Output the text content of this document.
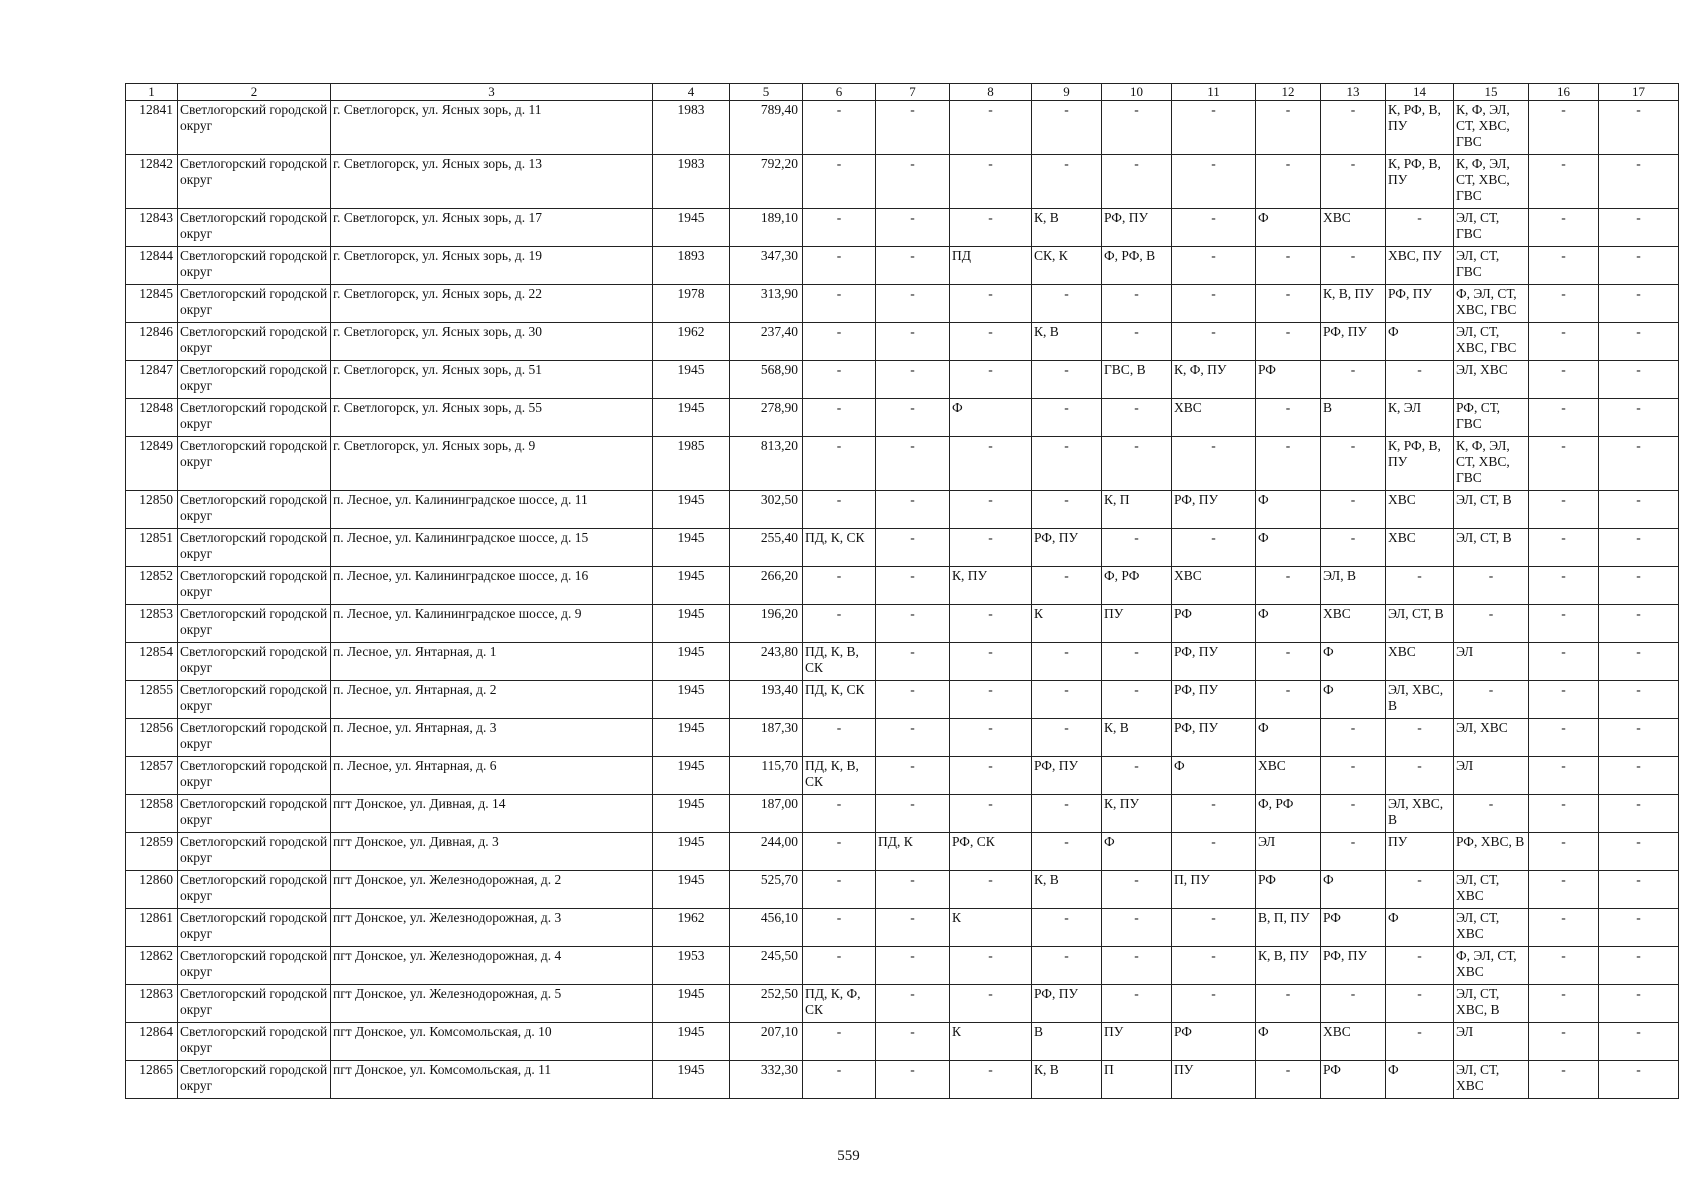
1	2	3	4	5	6	7	8	9	10	11	12	13	14	15	16	17
12841	Светлогорский городской округ	г. Светлогорск, ул. Ясных зорь, д. 11	1983	789,40	-	-	-	-	-	-	-	-	К, РФ, В, ПУ	К, Ф, ЭЛ, СТ, ХВС, ГВС	-	-
12842	Светлогорский городской округ	г. Светлогорск, ул. Ясных зорь, д. 13	1983	792,20	-	-	-	-	-	-	-	-	К, РФ, В, ПУ	К, Ф, ЭЛ, СТ, ХВС, ГВС	-	-
12843	Светлогорский городской округ	г. Светлогорск, ул. Ясных зорь, д. 17	1945	189,10	-	-	-	К, В	РФ, ПУ	-	Ф	ХВС	-	ЭЛ, СТ, ГВС	-	-
12844	Светлогорский городской округ	г. Светлогорск, ул. Ясных зорь, д. 19	1893	347,30	-	-	ПД	СК, К	Ф, РФ, В	-	-	-	ХВС, ПУ	ЭЛ, СТ, ГВС	-	-
12845	Светлогорский городской округ	г. Светлогорск, ул. Ясных зорь, д. 22	1978	313,90	-	-	-	-	-	-	-	К, В, ПУ	РФ, ПУ	Ф, ЭЛ, СТ, ХВС, ГВС	-	-
12846	Светлогорский городской округ	г. Светлогорск, ул. Ясных зорь, д. 30	1962	237,40	-	-	-	К, В	-	-	-	РФ, ПУ	Ф	ЭЛ, СТ, ХВС, ГВС	-	-
12847	Светлогорский городской округ	г. Светлогорск, ул. Ясных зорь, д. 51	1945	568,90	-	-	-	-	ГВС, В	К, Ф, ПУ	РФ	-	-	ЭЛ, ХВС	-	-
12848	Светлогорский городской округ	г. Светлогорск, ул. Ясных зорь, д. 55	1945	278,90	-	-	Ф	-	-	ХВС	-	В	К, ЭЛ	РФ, СТ, ГВС	-	-
12849	Светлогорский городской округ	г. Светлогорск, ул. Ясных зорь, д. 9	1985	813,20	-	-	-	-	-	-	-	-	К, РФ, В, ПУ	К, Ф, ЭЛ, СТ, ХВС, ГВС	-	-
12850	Светлогорский городской округ	п. Лесное, ул. Калининградское шоссе, д. 11	1945	302,50	-	-	-	-	К, П	РФ, ПУ	Ф	-	ХВС	ЭЛ, СТ, В	-	-
12851	Светлогорский городской округ	п. Лесное, ул. Калининградское шоссе, д. 15	1945	255,40	ПД, К, СК	-	-	РФ, ПУ	-	-	Ф	-	ХВС	ЭЛ, СТ, В	-	-
12852	Светлогорский городской округ	п. Лесное, ул. Калининградское шоссе, д. 16	1945	266,20	-	-	К, ПУ	-	Ф, РФ	ХВС	-	ЭЛ, В	-	-	-	-
12853	Светлогорский городской округ	п. Лесное, ул. Калининградское шоссе, д. 9	1945	196,20	-	-	-	К	ПУ	РФ	Ф	ХВС	ЭЛ, СТ, В	-	-	-
12854	Светлогорский городской округ	п. Лесное, ул. Янтарная, д. 1	1945	243,80	ПД, К, В, СК	-	-	-	-	РФ, ПУ	-	Ф	ХВС	ЭЛ	-	-
12855	Светлогорский городской округ	п. Лесное, ул. Янтарная, д. 2	1945	193,40	ПД, К, СК	-	-	-	-	РФ, ПУ	-	Ф	ЭЛ, ХВС, В	-	-	-
12856	Светлогорский городской округ	п. Лесное, ул. Янтарная, д. 3	1945	187,30	-	-	-	-	К, В	РФ, ПУ	Ф	-	-	ЭЛ, ХВС	-	-
12857	Светлогорский городской округ	п. Лесное, ул. Янтарная, д. 6	1945	115,70	ПД, К, В, СК	-	-	РФ, ПУ	-	Ф	ХВС	-	-	ЭЛ	-	-
12858	Светлогорский городской округ	пгт Донское, ул. Дивная, д. 14	1945	187,00	-	-	-	-	К, ПУ	-	Ф, РФ	-	ЭЛ, ХВС, В	-	-	-
12859	Светлогорский городской округ	пгт Донское, ул. Дивная, д. 3	1945	244,00	-	ПД, К	РФ, СК	-	Ф	-	ЭЛ	-	ПУ	РФ, ХВС, В	-	-
12860	Светлогорский городской округ	пгт Донское, ул. Железнодорожная, д. 2	1945	525,70	-	-	-	К, В	-	П, ПУ	РФ	Ф	-	ЭЛ, СТ, ХВС	-	-
12861	Светлогорский городской округ	пгт Донское, ул. Железнодорожная, д. 3	1962	456,10	-	-	К	-	-	-	В, П, ПУ	РФ	Ф	ЭЛ, СТ, ХВС	-	-
12862	Светлогорский городской округ	пгт Донское, ул. Железнодорожная, д. 4	1953	245,50	-	-	-	-	-	-	К, В, ПУ	РФ, ПУ	-	Ф, ЭЛ, СТ, ХВС	-	-
12863	Светлогорский городской округ	пгт Донское, ул. Железнодорожная, д. 5	1945	252,50	ПД, К, Ф, СК	-	-	РФ, ПУ	-	-	-	-	-	ЭЛ, СТ, ХВС, В	-	-
12864	Светлогорский городской округ	пгт Донское, ул. Комсомольская, д. 10	1945	207,10	-	-	К	В	ПУ	РФ	Ф	ХВС	-	ЭЛ	-	-
12865	Светлогорский городской округ	пгт Донское, ул. Комсомольская, д. 11	1945	332,30	-	-	-	К, В	П	ПУ	-	РФ	Ф	ЭЛ, СТ, ХВС	-	-
559
